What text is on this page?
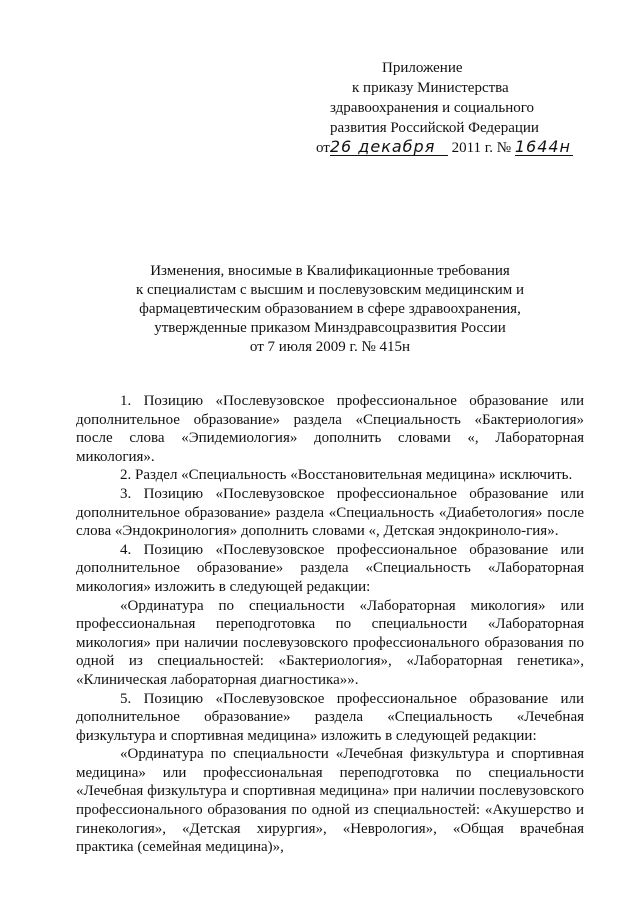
Приложение
к приказу Министерства
здравоохранения и социального
развития Российской Федерации
от26 декабря 2011 г. № 1644н
Изменения, вносимые в Квалификационные требования
к специалистам с высшим и послевузовским медицинским и
фармацевтическим образованием в сфере здравоохранения,
утвержденные приказом Минздравсоцразвития России
от 7 июля 2009 г. № 415н

1. Позицию «Послевузовское профессиональное образование или дополнительное образование» раздела «Специальность «Бактериология» после слова «Эпидемиология» дополнить словами «, Лабораторная микология».

2. Раздел «Специальность «Восстановительная медицина» исключить.

3. Позицию «Послевузовское профессиональное образование или дополнительное образование» раздела «Специальность «Диабетология» после слова «Эндокринология» дополнить словами «, Детская эндокриноло-гия».

4. Позицию «Послевузовское профессиональное образование или дополнительное образование» раздела «Специальность «Лабораторная микология» изложить в следующей редакции:

«Ординатура по специальности «Лабораторная микология» или профессиональная переподготовка по специальности «Лабораторная микология» при наличии послевузовского профессионального образования по одной из специальностей: «Бактериология», «Лабораторная генетика», «Клиническая лабораторная диагностика»».

5. Позицию «Послевузовское профессиональное образование или дополнительное образование» раздела «Специальность «Лечебная физкультура и спортивная медицина» изложить в следующей редакции:

«Ординатура по специальности «Лечебная физкультура и спортивная медицина» или профессиональная переподготовка по специальности «Лечебная физкультура и спортивная медицина» при наличии послевузовского профессионального образования по одной из специальностей: «Акушерство и гинекология», «Детская хирургия», «Неврология», «Общая врачебная практика (семейная медицина)»,
